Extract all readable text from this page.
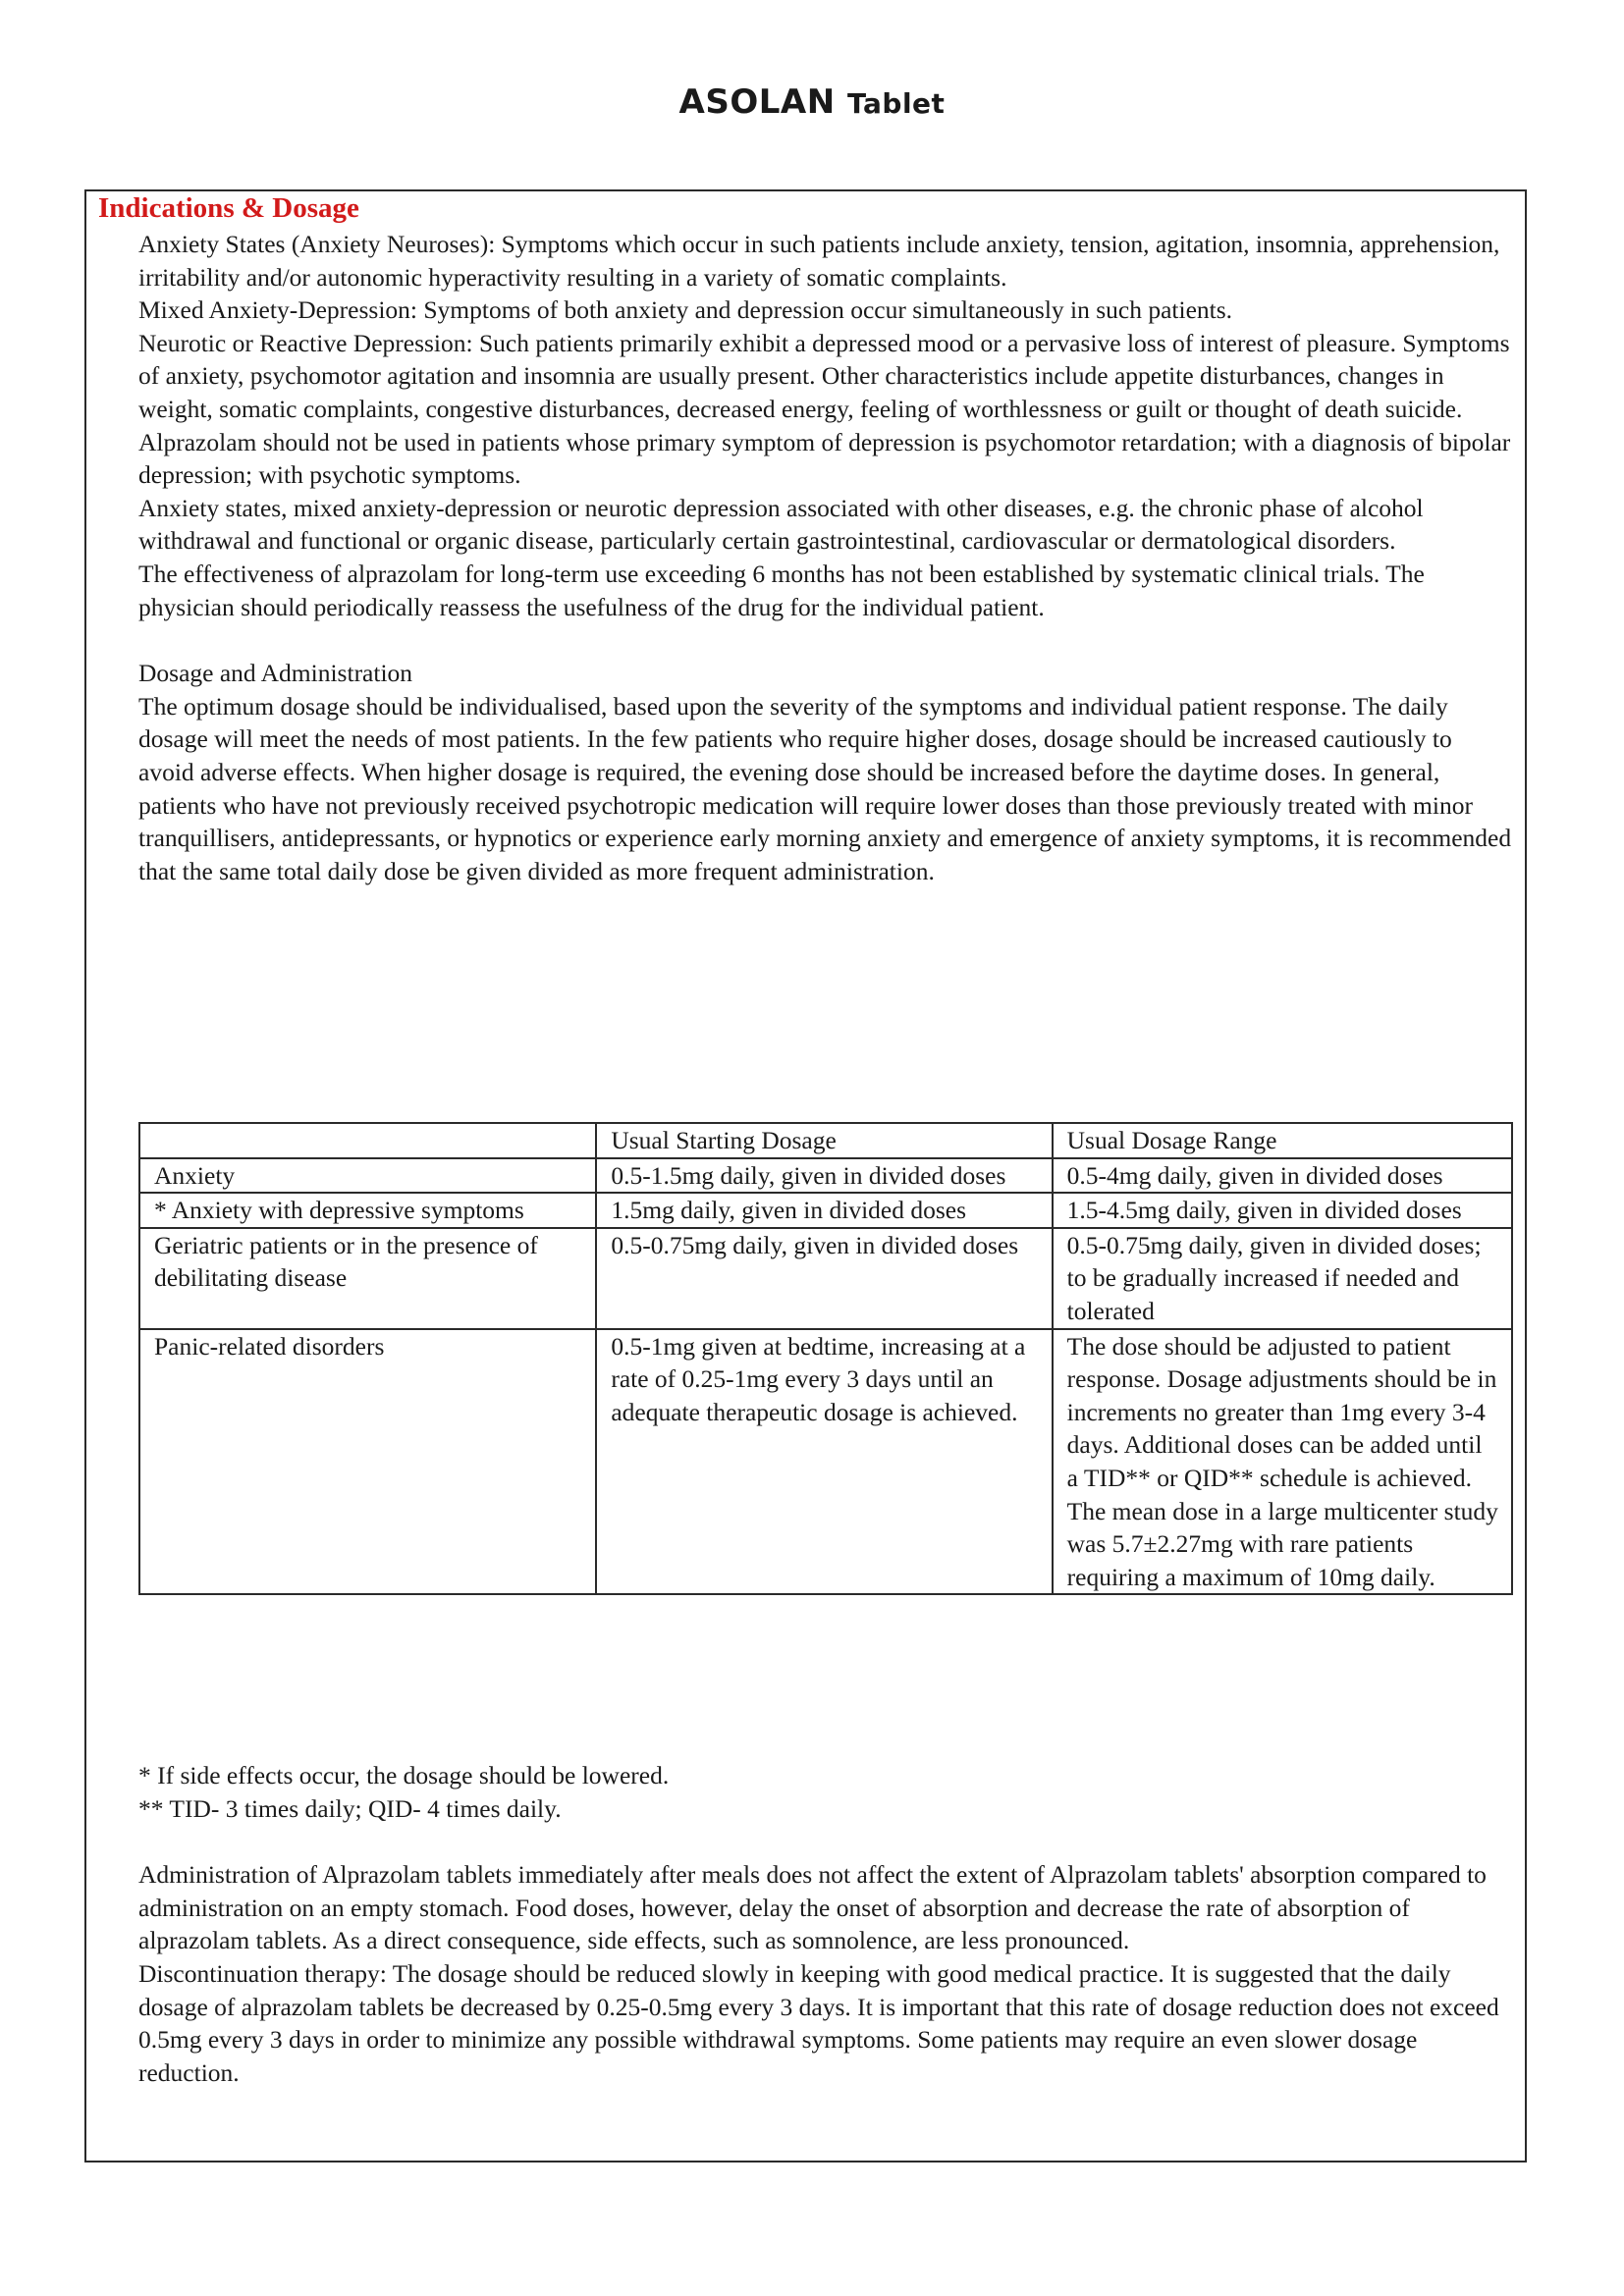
ASOLAN Tablet
Indications & Dosage

Anxiety States (Anxiety Neuroses): Symptoms which occur in such patients include anxiety, tension, agitation, insomnia, apprehension, irritability and/or autonomic hyperactivity resulting in a variety of somatic complaints.

Mixed Anxiety-Depression: Symptoms of both anxiety and depression occur simultaneously in such patients.

Neurotic or Reactive Depression: Such patients primarily exhibit a depressed mood or a pervasive loss of interest of pleasure. Symptoms of anxiety, psychomotor agitation and insomnia are usually present. Other characteristics include appetite disturbances, changes in weight, somatic complaints, congestive disturbances, decreased energy, feeling of worthlessness or guilt or thought of death suicide.

Alprazolam should not be used in patients whose primary symptom of depression is psychomotor retardation; with a diagnosis of bipolar depression; with psychotic symptoms.

Anxiety states, mixed anxiety-depression or neurotic depression associated with other diseases, e.g. the chronic phase of alcohol withdrawal and functional or organic disease, particularly certain gastrointestinal, cardiovascular or dermatological disorders.

The effectiveness of alprazolam for long-term use exceeding 6 months has not been established by systematic clinical trials. The physician should periodically reassess the usefulness of the drug for the individual patient.

Dosage and Administration

The optimum dosage should be individualised, based upon the severity of the symptoms and individual patient response. The daily dosage will meet the needs of most patients. In the few patients who require higher doses, dosage should be increased cautiously to avoid adverse effects. When higher dosage is required, the evening dose should be increased before the daytime doses. In general, patients who have not previously received psychotropic medication will require lower doses than those previously treated with minor tranquillisers, antidepressants, or hypnotics or experience early morning anxiety and emergence of anxiety symptoms, it is recommended that the same total daily dose be given divided as more frequent administration.

	Usual Starting Dosage	Usual Dosage Range
Anxiety	0.5-1.5mg daily, given in divided doses	0.5-4mg daily, given in divided doses
* Anxiety with depressive symptoms	1.5mg daily, given in divided doses	1.5-4.5mg daily, given in divided doses
Geriatric patients or in the presence of debilitating disease	0.5-0.75mg daily, given in divided doses	0.5-0.75mg daily, given in divided doses; to be gradually increased if needed and tolerated
Panic-related disorders	0.5-1mg given at bedtime, increasing at a rate of 0.25-1mg every 3 days until an adequate therapeutic dosage is achieved.	The dose should be adjusted to patient response. Dosage adjustments should be in increments no greater than 1mg every 3-4 days. Additional doses can be added until a TID** or QID** schedule is achieved. The mean dose in a large multicenter study was 5.7±2.27mg with rare patients requiring a maximum of 10mg daily.

* If side effects occur, the dosage should be lowered.

** TID- 3 times daily; QID- 4 times daily.

Administration of Alprazolam tablets immediately after meals does not affect the extent of Alprazolam tablets' absorption compared to administration on an empty stomach. Food doses, however, delay the onset of absorption and decrease the rate of absorption of alprazolam tablets. As a direct consequence, side effects, such as somnolence, are less pronounced.

Discontinuation therapy: The dosage should be reduced slowly in keeping with good medical practice. It is suggested that the daily dosage of alprazolam tablets be decreased by 0.25-0.5mg every 3 days. It is important that this rate of dosage reduction does not exceed 0.5mg every 3 days in order to minimize any possible withdrawal symptoms. Some patients may require an even slower dosage reduction.
